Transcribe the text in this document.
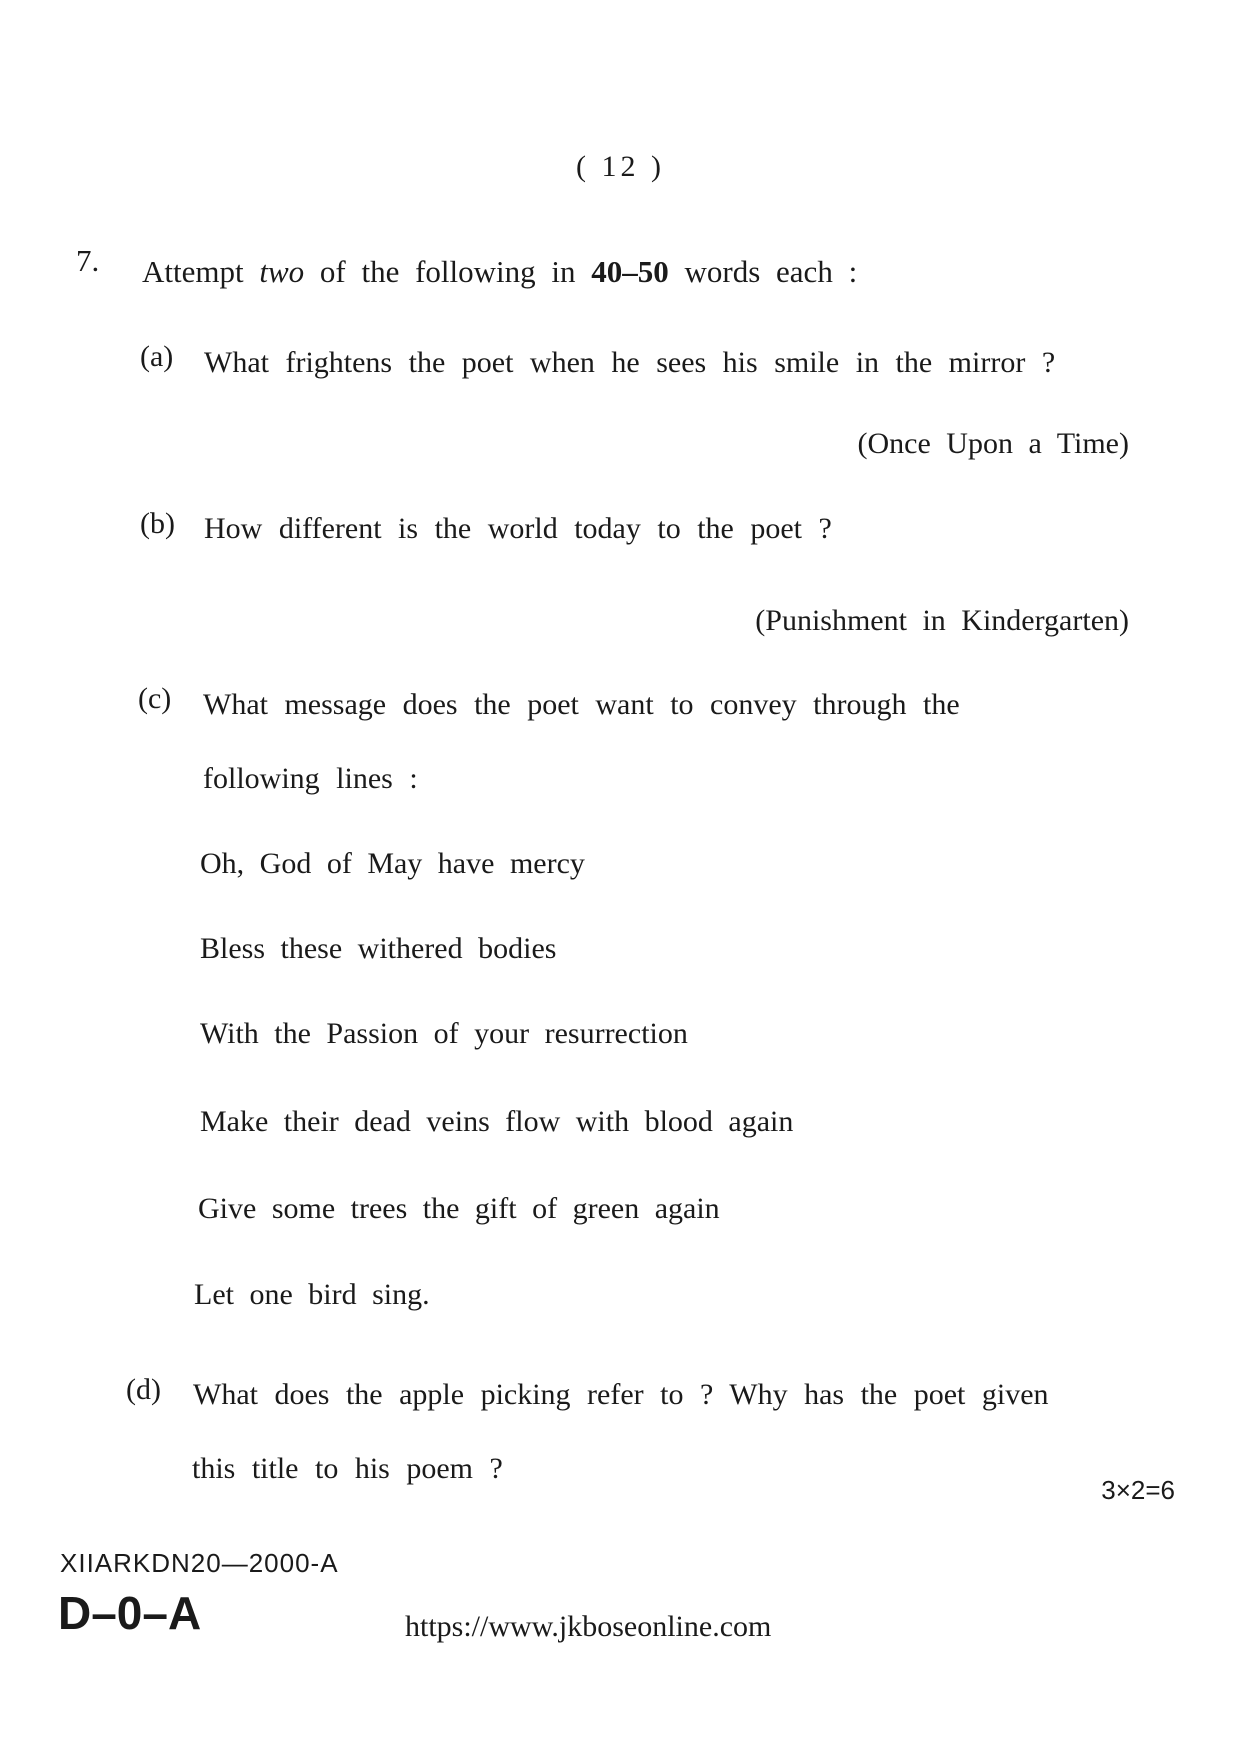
( 12 )
7. Attempt two of the following in 40–50 words each :
(a) What frightens the poet when he sees his smile in the mirror ?
(Once Upon a Time)
(b) How different is the world today to the poet ?
(Punishment in Kindergarten)
(c) What message does the poet want to convey through the
following lines :
Oh, God of May have mercy
Bless these withered bodies
With the Passion of your resurrection
Make their dead veins flow with blood again
Give some trees the gift of green again
Let one bird sing.
(d) What does the apple picking refer to ? Why has the poet given
this title to his poem ?
3×2=6
XIIARKDN20—2000-A
D–0–A	https://www.jkboseonline.com
